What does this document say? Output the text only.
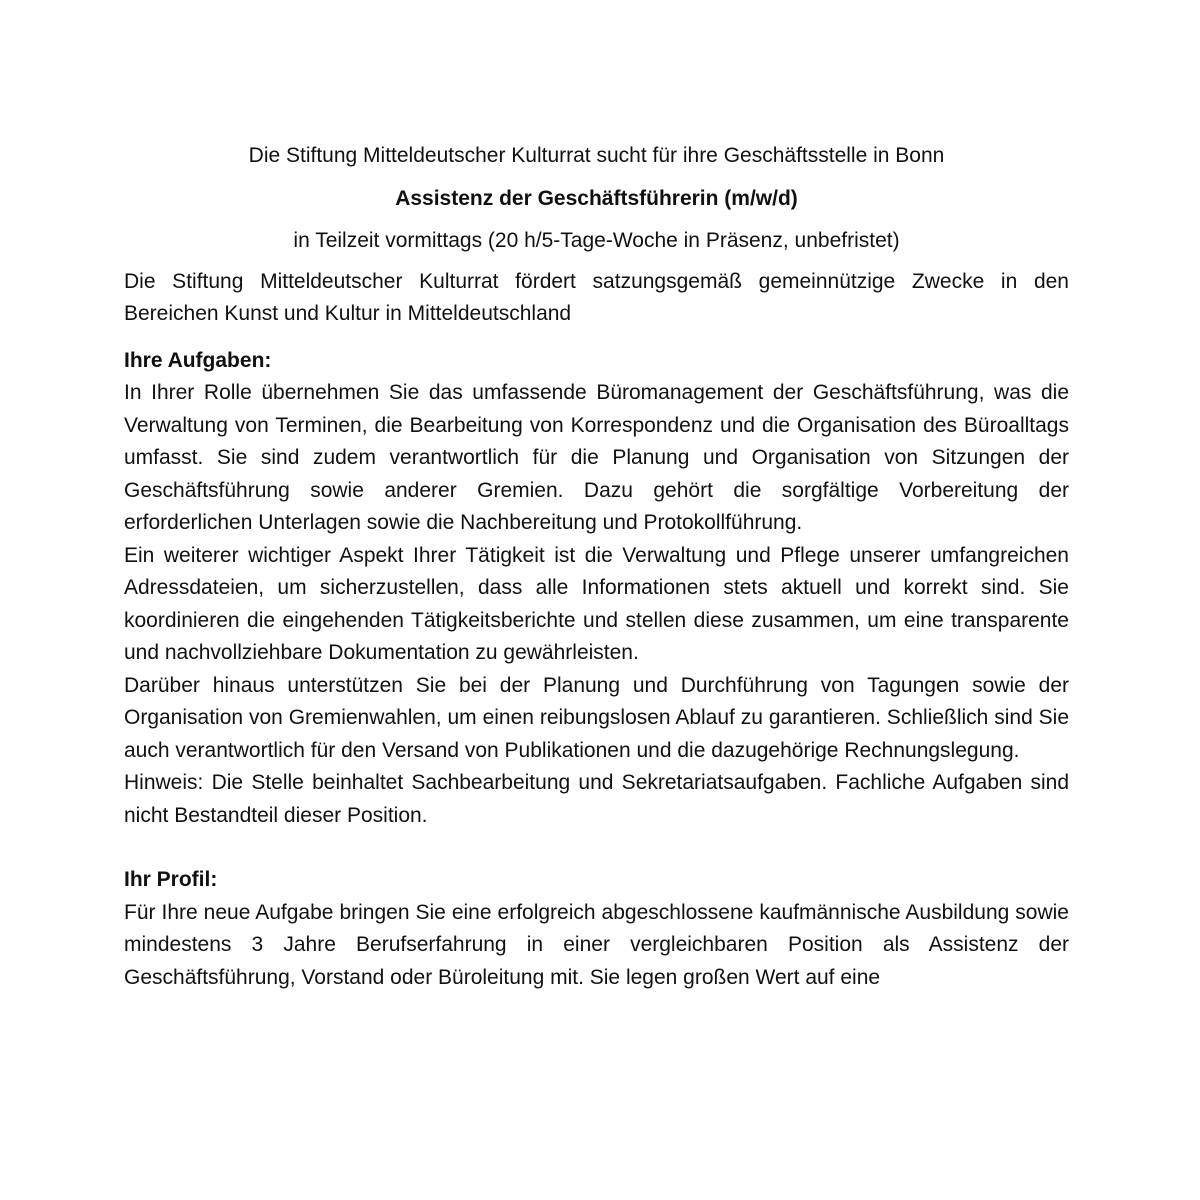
Die Stiftung Mitteldeutscher Kulturrat sucht für ihre Geschäftsstelle in Bonn

Assistenz der Geschäftsführerin (m/w/d)

in Teilzeit vormittags (20 h/5-Tage-Woche in Präsenz, unbefristet)

Die Stiftung Mitteldeutscher Kulturrat fördert satzungsgemäß gemeinnützige Zwecke in den Bereichen Kunst und Kultur in Mitteldeutschland

Ihre Aufgaben:

In Ihrer Rolle übernehmen Sie das umfassende Büromanagement der Geschäftsführung, was die Verwaltung von Terminen, die Bearbeitung von Korrespondenz und die Organisation des Büroalltags umfasst. Sie sind zudem verantwortlich für die Planung und Organisation von Sitzungen der Geschäftsführung sowie anderer Gremien. Dazu gehört die sorgfältige Vorbereitung der erforderlichen Unterlagen sowie die Nachbereitung und Protokollführung.

Ein weiterer wichtiger Aspekt Ihrer Tätigkeit ist die Verwaltung und Pflege unserer umfangreichen Adressdateien, um sicherzustellen, dass alle Informationen stets aktuell und korrekt sind. Sie koordinieren die eingehenden Tätigkeitsberichte und stellen diese zusammen, um eine transparente und nachvollziehbare Dokumentation zu gewährleisten.

Darüber hinaus unterstützen Sie bei der Planung und Durchführung von Tagungen sowie der Organisation von Gremienwahlen, um einen reibungslosen Ablauf zu garantieren. Schließlich sind Sie auch verantwortlich für den Versand von Publikationen und die dazugehörige Rechnungslegung.

Hinweis: Die Stelle beinhaltet Sachbearbeitung und Sekretariatsaufgaben. Fachliche Aufgaben sind nicht Bestandteil dieser Position.

Ihr Profil:

Für Ihre neue Aufgabe bringen Sie eine erfolgreich abgeschlossene kaufmännische Ausbildung sowie mindestens 3 Jahre Berufserfahrung in einer vergleichbaren Position als Assistenz der Geschäftsführung, Vorstand oder Büroleitung mit. Sie legen großen Wert auf eine
